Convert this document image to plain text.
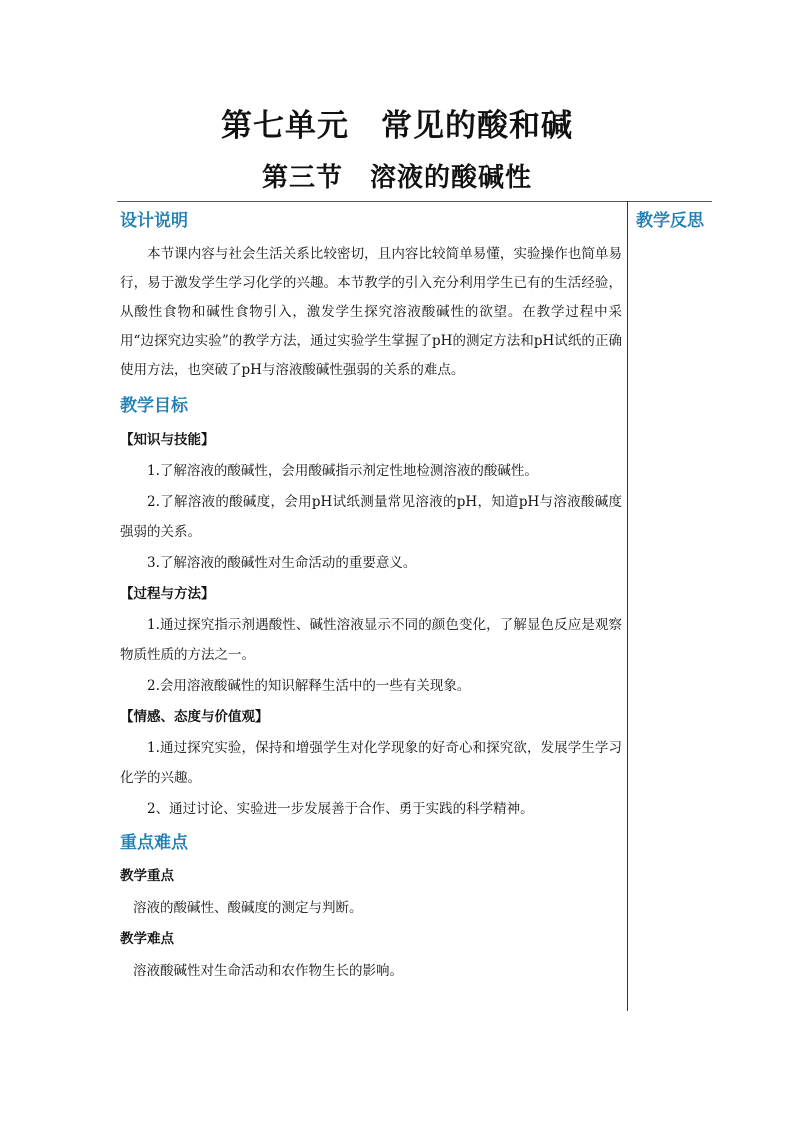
第七单元　常见的酸和碱
第三节　溶液的酸碱性

设计说明

本节课内容与社会生活关系比较密切，且内容比较简单易懂，实验操作也简单易行，易于激发学生学习化学的兴趣。本节教学的引入充分利用学生已有的生活经验，从酸性食物和碱性食物引入，激发学生探究溶液酸碱性的欲望。在教学过程中采用“边探究边实验”的教学方法，通过实验学生掌握了pH的测定方法和pH试纸的正确使用方法，也突破了pH与溶液酸碱性强弱的关系的难点。

教学目标

【知识与技能】

1.了解溶液的酸碱性，会用酸碱指示剂定性地检测溶液的酸碱性。

2.了解溶液的酸碱度，会用pH试纸测量常见溶液的pH，知道pH与溶液酸碱度强弱的关系。

3.了解溶液的酸碱性对生命活动的重要意义。

【过程与方法】

1.通过探究指示剂遇酸性、碱性溶液显示不同的颜色变化，了解显色反应是观察物质性质的方法之一。

2.会用溶液酸碱性的知识解释生活中的一些有关现象。

【情感、态度与价值观】

1.通过探究实验，保持和增强学生对化学现象的好奇心和探究欲，发展学生学习化学的兴趣。

2、通过讨论、实验进一步发展善于合作、勇于实践的科学精神。

重点难点

教学重点

溶液的酸碱性、酸碱度的测定与判断。

教学难点

溶液酸碱性对生命活动和农作物生长的影响。

教学反思
